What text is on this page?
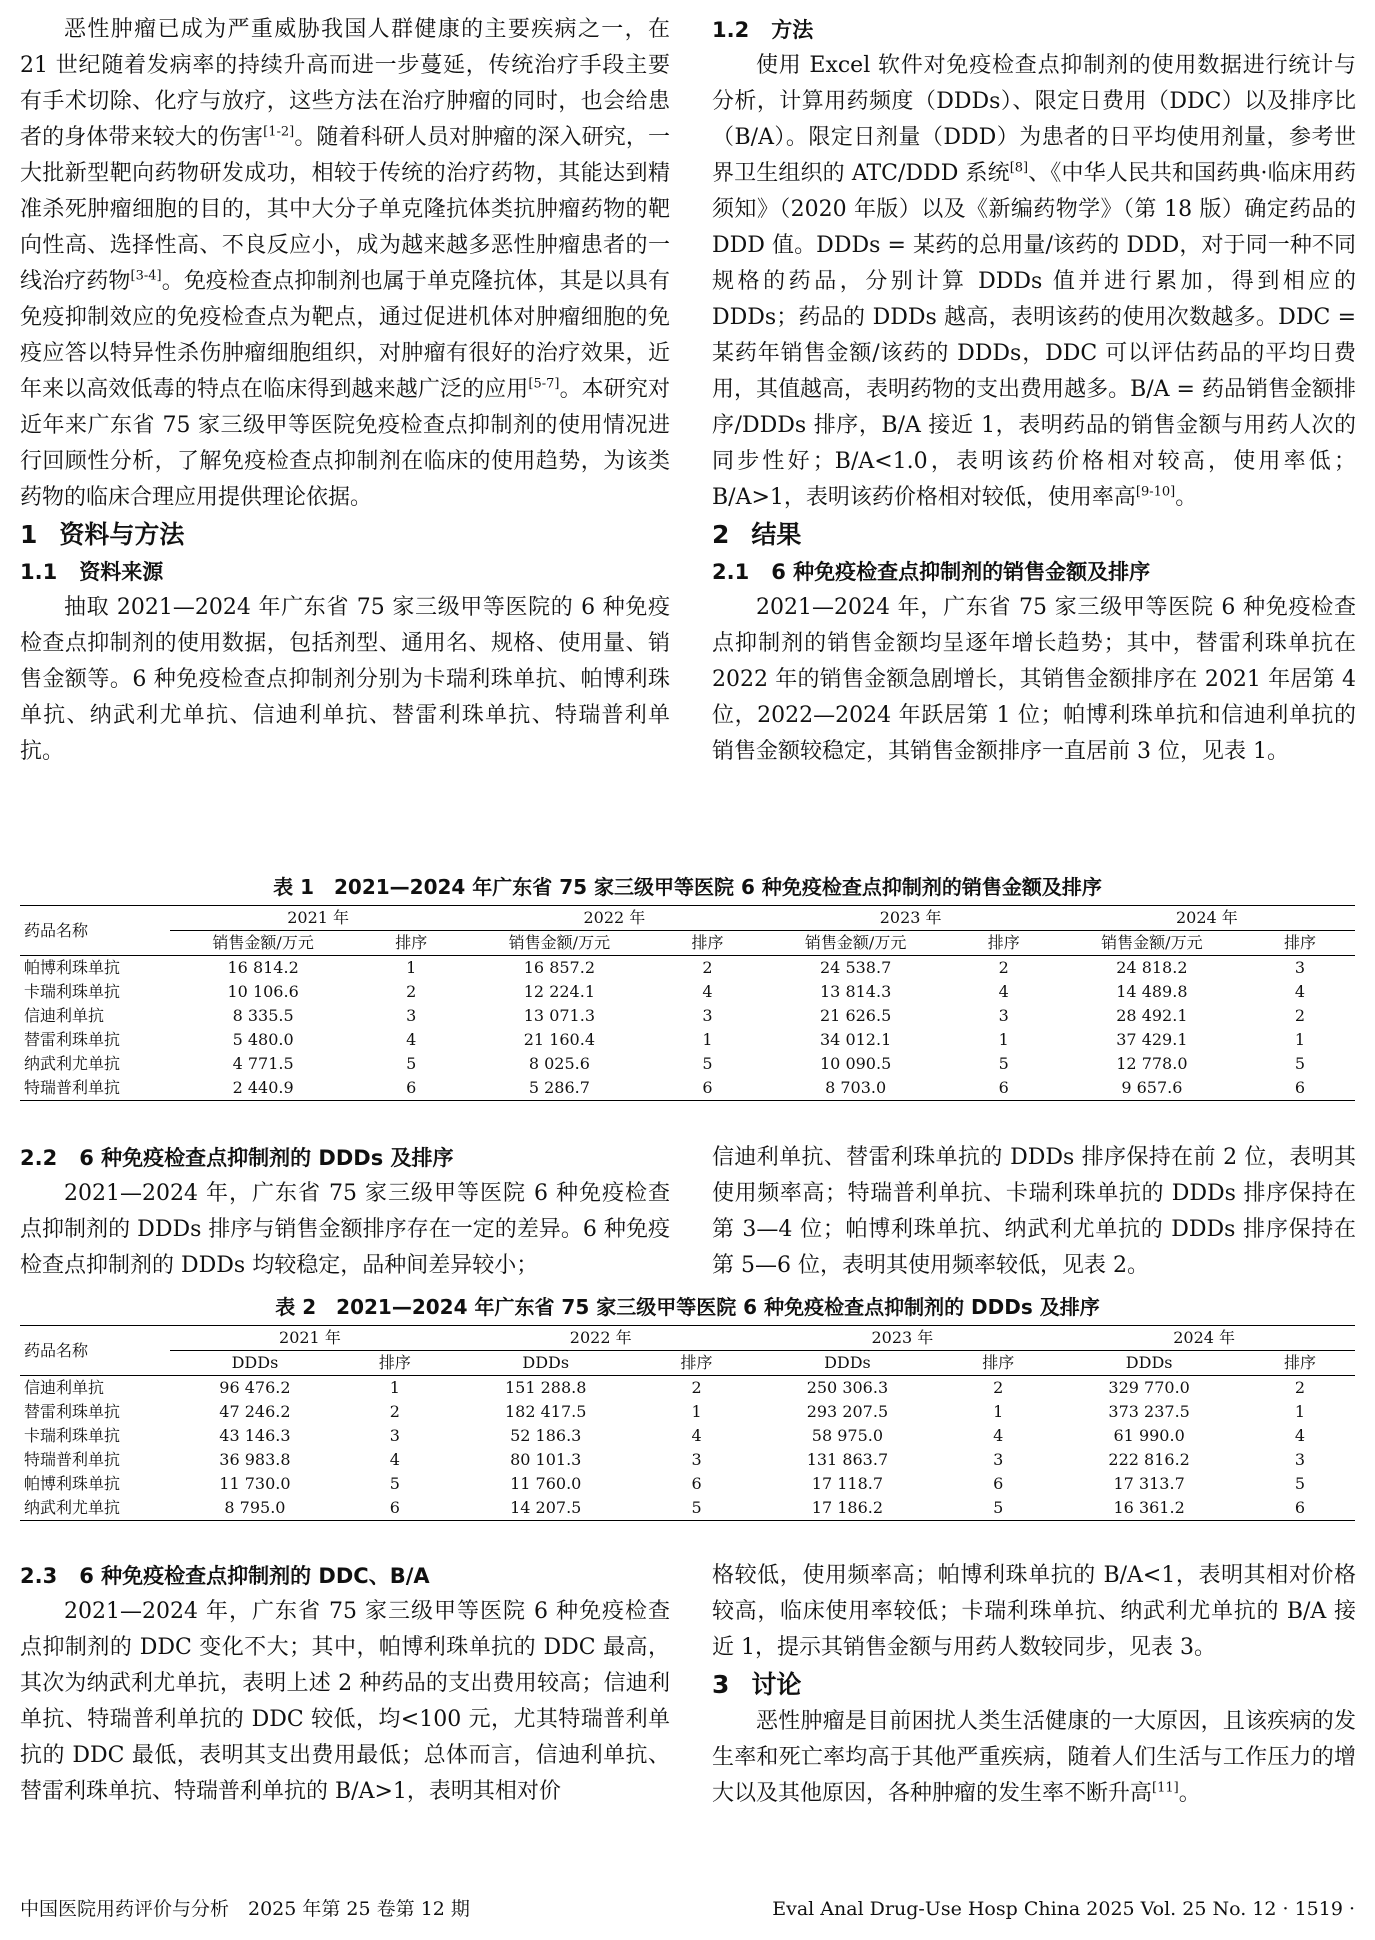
恶性肿瘤已成为严重威胁我国人群健康的主要疾病之一，在 21 世纪随着发病率的持续升高而进一步蔓延，传统治疗手段主要有手术切除、化疗与放疗，这些方法在治疗肿瘤的同时，也会给患者的身体带来较大的伤害[1-2]。随着科研人员对肿瘤的深入研究，一大批新型靶向药物研发成功，相较于传统的治疗药物，其能达到精准杀死肿瘤细胞的目的，其中大分子单克隆抗体类抗肿瘤药物的靶向性高、选择性高、不良反应小，成为越来越多恶性肿瘤患者的一线治疗药物[3-4]。免疫检查点抑制剂也属于单克隆抗体，其是以具有免疫抑制效应的免疫检查点为靶点，通过促进机体对肿瘤细胞的免疫应答以特异性杀伤肿瘤细胞组织，对肿瘤有很好的治疗效果，近年来以高效低毒的特点在临床得到越来越广泛的应用[5-7]。本研究对近年来广东省 75 家三级甲等医院免疫检查点抑制剂的使用情况进行回顾性分析，了解免疫检查点抑制剂在临床的使用趋势，为该类药物的临床合理应用提供理论依据。

1 资料与方法
1.1 资料来源

抽取 2021—2024 年广东省 75 家三级甲等医院的 6 种免疫检查点抑制剂的使用数据，包括剂型、通用名、规格、使用量、销售金额等。6 种免疫检查点抑制剂分别为卡瑞利珠单抗、帕博利珠单抗、纳武利尤单抗、信迪利单抗、替雷利珠单抗、特瑞普利单抗。

1.2 方法

使用 Excel 软件对免疫检查点抑制剂的使用数据进行统计与分析，计算用药频度（DDDs）、限定日费用（DDC）以及排序比（B/A）。限定日剂量（DDD）为患者的日平均使用剂量，参考世界卫生组织的 ATC/DDD 系统[8]、《中华人民共和国药典·临床用药须知》（2020 年版）以及《新编药物学》（第 18 版）确定药品的 DDD 值。DDDs = 某药的总用量/该药的 DDD，对于同一种不同规格的药品，分别计算 DDDs 值并进行累加，得到相应的 DDDs；药品的 DDDs 越高，表明该药的使用次数越多。DDC = 某药年销售金额/该药的 DDDs，DDC 可以评估药品的平均日费用，其值越高，表明药物的支出费用越多。B/A = 药品销售金额排序/DDDs 排序，B/A 接近 1，表明药品的销售金额与用药人次的同步性好；B/A<1.0，表明该药价格相对较高，使用率低；B/A>1，表明该药价格相对较低，使用率高[9-10]。

2 结果
2.1 6 种免疫检查点抑制剂的销售金额及排序

2021—2024 年，广东省 75 家三级甲等医院 6 种免疫检查点抑制剂的销售金额均呈逐年增长趋势；其中，替雷利珠单抗在 2022 年的销售金额急剧增长，其销售金额排序在 2021 年居第 4 位，2022—2024 年跃居第 1 位；帕博利珠单抗和信迪利单抗的销售金额较稳定，其销售金额排序一直居前 3 位，见表 1。

表 1　2021—2024 年广东省 75 家三级甲等医院 6 种免疫检查点抑制剂的销售金额及排序
药品名称	2021 年		2022 年		2023 年		2024 年	
	销售金额/万元	排序	销售金额/万元	排序	销售金额/万元	排序	销售金额/万元	排序
帕博利珠单抗	16 814.2	1	16 857.2	2	24 538.7	2	24 818.2	3
卡瑞利珠单抗	10 106.6	2	12 224.1	4	13 814.3	4	14 489.8	4
信迪利单抗	8 335.5	3	13 071.3	3	21 626.5	3	28 492.1	2
替雷利珠单抗	5 480.0	4	21 160.4	1	34 012.1	1	37 429.1	1
纳武利尤单抗	4 771.5	5	8 025.6	5	10 090.5	5	12 778.0	5
特瑞普利单抗	2 440.9	6	5 286.7	6	8 703.0	6	9 657.6	6
2.2 6 种免疫检查点抑制剂的 DDDs 及排序

2021—2024 年，广东省 75 家三级甲等医院 6 种免疫检查点抑制剂的 DDDs 排序与销售金额排序存在一定的差异。6 种免疫检查点抑制剂的 DDDs 均较稳定，品种间差异较小；

信迪利单抗、替雷利珠单抗的 DDDs 排序保持在前 2 位，表明其使用频率高；特瑞普利单抗、卡瑞利珠单抗的 DDDs 排序保持在第 3—4 位；帕博利珠单抗、纳武利尤单抗的 DDDs 排序保持在第 5—6 位，表明其使用频率较低，见表 2。

表 2　2021—2024 年广东省 75 家三级甲等医院 6 种免疫检查点抑制剂的 DDDs 及排序
药品名称	2021 年		2022 年		2023 年		2024 年	
	DDDs	排序	DDDs	排序	DDDs	排序	DDDs	排序
信迪利单抗	96 476.2	1	151 288.8	2	250 306.3	2	329 770.0	2
替雷利珠单抗	47 246.2	2	182 417.5	1	293 207.5	1	373 237.5	1
卡瑞利珠单抗	43 146.3	3	52 186.3	4	58 975.0	4	61 990.0	4
特瑞普利单抗	36 983.8	4	80 101.3	3	131 863.7	3	222 816.2	3
帕博利珠单抗	11 730.0	5	11 760.0	6	17 118.7	6	17 313.7	5
纳武利尤单抗	8 795.0	6	14 207.5	5	17 186.2	5	16 361.2	6
2.3 6 种免疫检查点抑制剂的 DDC、B/A

2021—2024 年，广东省 75 家三级甲等医院 6 种免疫检查点抑制剂的 DDC 变化不大；其中，帕博利珠单抗的 DDC 最高，其次为纳武利尤单抗，表明上述 2 种药品的支出费用较高；信迪利单抗、特瑞普利单抗的 DDC 较低，均<100 元，尤其特瑞普利单抗的 DDC 最低，表明其支出费用最低；总体而言，信迪利单抗、替雷利珠单抗、特瑞普利单抗的 B/A>1，表明其相对价

格较低，使用频率高；帕博利珠单抗的 B/A<1，表明其相对价格较高，临床使用率较低；卡瑞利珠单抗、纳武利尤单抗的 B/A 接近 1，提示其销售金额与用药人数较同步，见表 3。

3 讨论

恶性肿瘤是目前困扰人类生活健康的一大原因，且该疾病的发生率和死亡率均高于其他严重疾病，随着人们生活与工作压力的增大以及其他原因，各种肿瘤的发生率不断升高[11]。

中国医院用药评价与分析　2025 年第 25 卷第 12 期	Eval Anal Drug-Use Hosp China 2025 Vol. 25 No. 12 · 1519 ·
